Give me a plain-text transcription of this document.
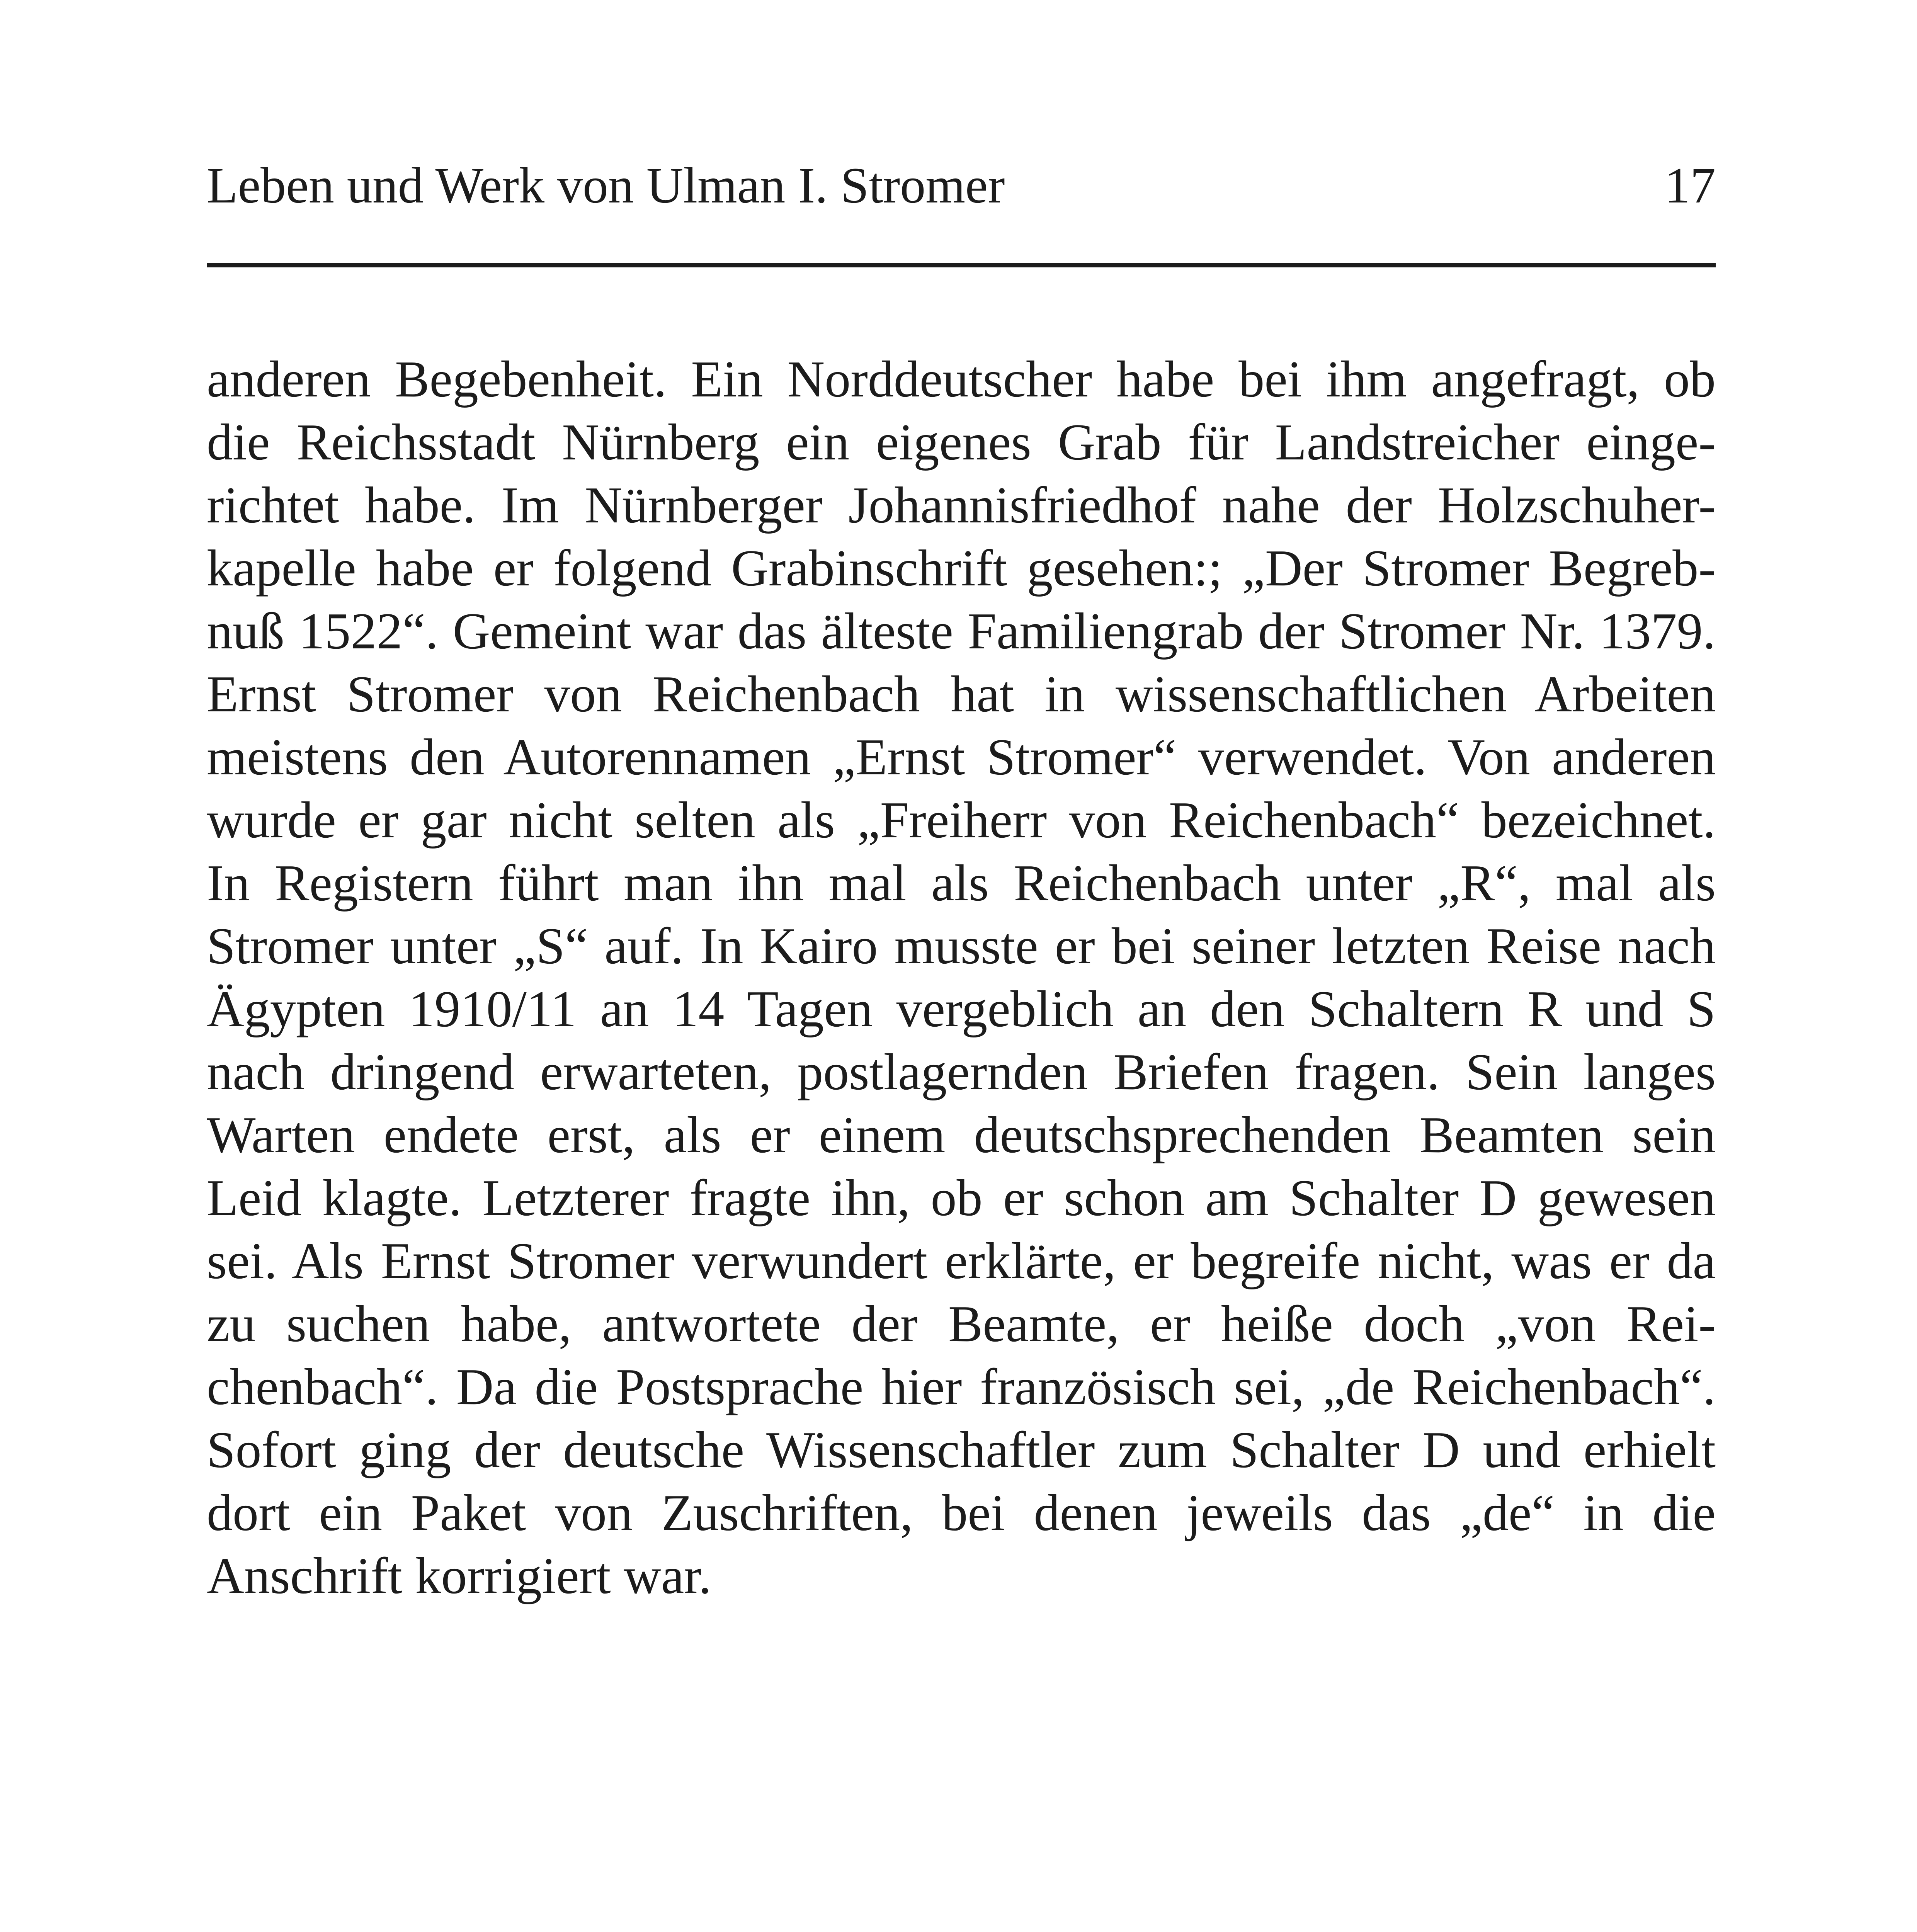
Leben und Werk von Ulman I. Stromer	17
anderen Begebenheit. Ein Norddeutscher habe bei ihm angefragt, ob
die Reichsstadt Nürnberg ein eigenes Grab für Landstreicher einge-
richtet habe. Im Nürnberger Johannisfriedhof nahe der Holzschuher-
kapelle habe er folgend Grabinschrift gesehen:; „Der Stromer Begreb-
nuß 1522“. Gemeint war das älteste Familiengrab der Stromer Nr. 1379.
Ernst Stromer von Reichenbach hat in wissenschaftlichen Arbeiten
meistens den Autorennamen „Ernst Stromer“ verwendet. Von anderen
wurde er gar nicht selten als „Freiherr von Reichenbach“ bezeichnet.
In Registern führt man ihn mal als Reichenbach unter „R“, mal als
Stromer unter „S“ auf. In Kairo musste er bei seiner letzten Reise nach
Ägypten 1910/11 an 14 Tagen vergeblich an den Schaltern R und S
nach dringend erwarteten, postlagernden Briefen fragen. Sein langes
Warten endete erst, als er einem deutschsprechenden Beamten sein
Leid klagte. Letzterer fragte ihn, ob er schon am Schalter D gewesen
sei. Als Ernst Stromer verwundert erklärte, er begreife nicht, was er da
zu suchen habe, antwortete der Beamte, er heiße doch „von Rei-
chenbach“. Da die Postsprache hier französisch sei, „de Reichenbach“.
Sofort ging der deutsche Wissenschaftler zum Schalter D und erhielt
dort ein Paket von Zuschriften, bei denen jeweils das „de“ in die
Anschrift korrigiert war.
